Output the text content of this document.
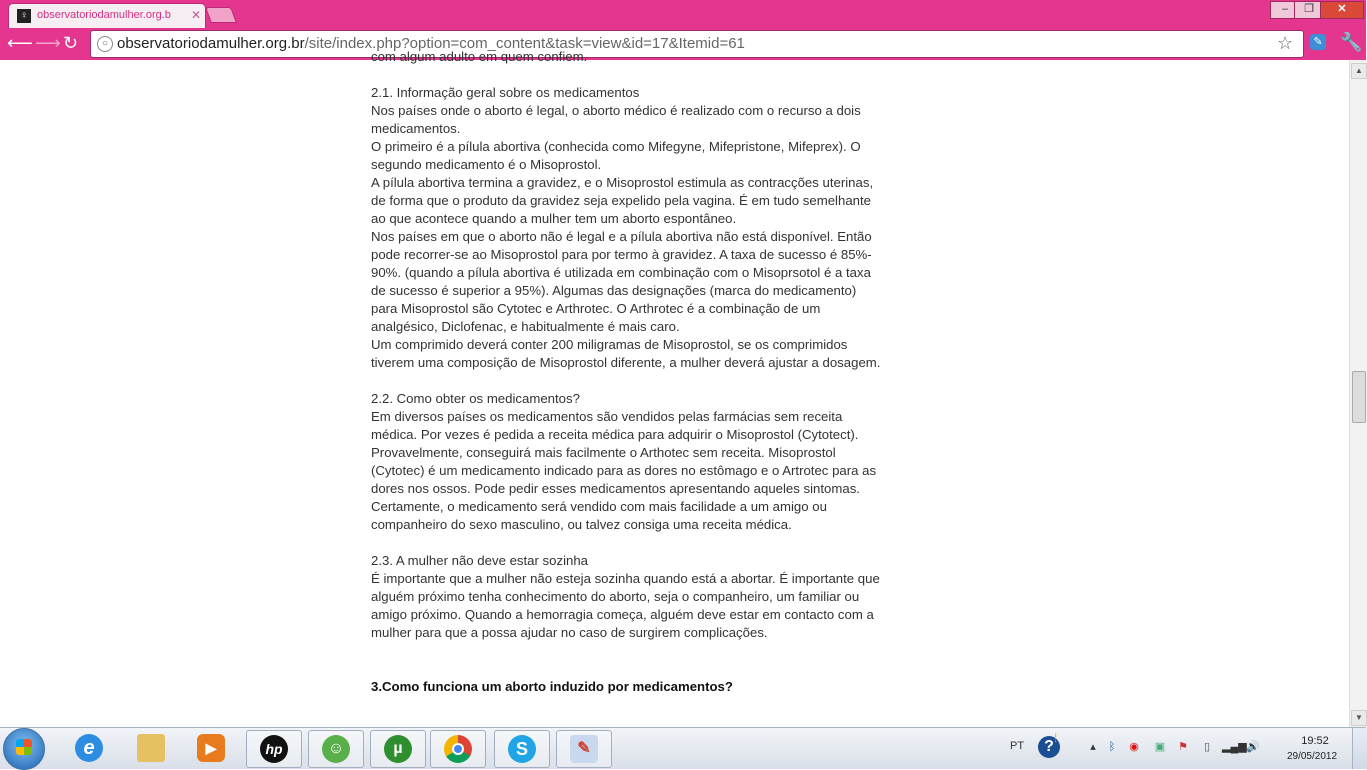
♀ observatoriodamulher.org.b	✕	‒	❐	✕
⟵ ⟶ ↻	○ observatoriodamulher.org.br/site/index.php?option=com_content&task=view&id=17&Itemid=61	☆	✎ 🔧

com algum adulto em quem confiem.

2.1. Informação geral sobre os medicamentos

Nos países onde o aborto é legal, o aborto médico é realizado com o recurso a dois

medicamentos.

O primeiro é a pílula abortiva (conhecida como Mifegyne, Mifepristone, Mifeprex). O

segundo medicamento é o Misoprostol.

A pílula abortiva termina a gravidez, e o Misoprostol estimula as contracções uterinas,

de forma que o produto da gravidez seja expelido pela vagina. É em tudo semelhante

ao que acontece quando a mulher tem um aborto espontâneo.

Nos países em que o aborto não é legal e a pílula abortiva não está disponível. Então

pode recorrer-se ao Misoprostol para por termo à gravidez. A taxa de sucesso é 85%-

90%. (quando a pílula abortiva é utilizada em combinação com o Misoprsotol é a taxa

de sucesso é superior a 95%). Algumas das designações (marca do medicamento)

para Misoprostol são Cytotec e Arthrotec. O Arthrotec é a combinação de um

analgésico, Diclofenac, e habitualmente é mais caro.

Um comprimido deverá conter 200 miligramas de Misoprostol, se os comprimidos

tiverem uma composição de Misoprostol diferente, a mulher deverá ajustar a dosagem.

2.2. Como obter os medicamentos?

Em diversos países os medicamentos são vendidos pelas farmácias sem receita

médica. Por vezes é pedida a receita médica para adquirir o Misoprostol (Cytotect).

Provavelmente, conseguirá mais facilmente o Arthotec sem receita. Misoprostol

(Cytotec) é um medicamento indicado para as dores no estômago e o Artrotec para as

dores nos ossos. Pode pedir esses medicamentos apresentando aqueles sintomas.

Certamente, o medicamento será vendido com mais facilidade a um amigo ou

companheiro do sexo masculino, ou talvez consiga uma receita médica.

2.3. A mulher não deve estar sozinha

É importante que a mulher não esteja sozinha quando está a abortar. É importante que

alguém próximo tenha conhecimento do aborto, seja o companheiro, um familiar ou

amigo próximo. Quando a hemorragia começa, alguém deve estar em contacto com a

mulher para que a possa ajudar no caso de surgirem complicações.

3.Como funciona um aborto induzido por medicamentos?

▲
▼
e	▶	hp	☺	µ	S	✎	PT	? !
▴	ᛒ	◉ ▣ ⚑	▯	▂▄▆ 🔊	19:52
29/05/2012
